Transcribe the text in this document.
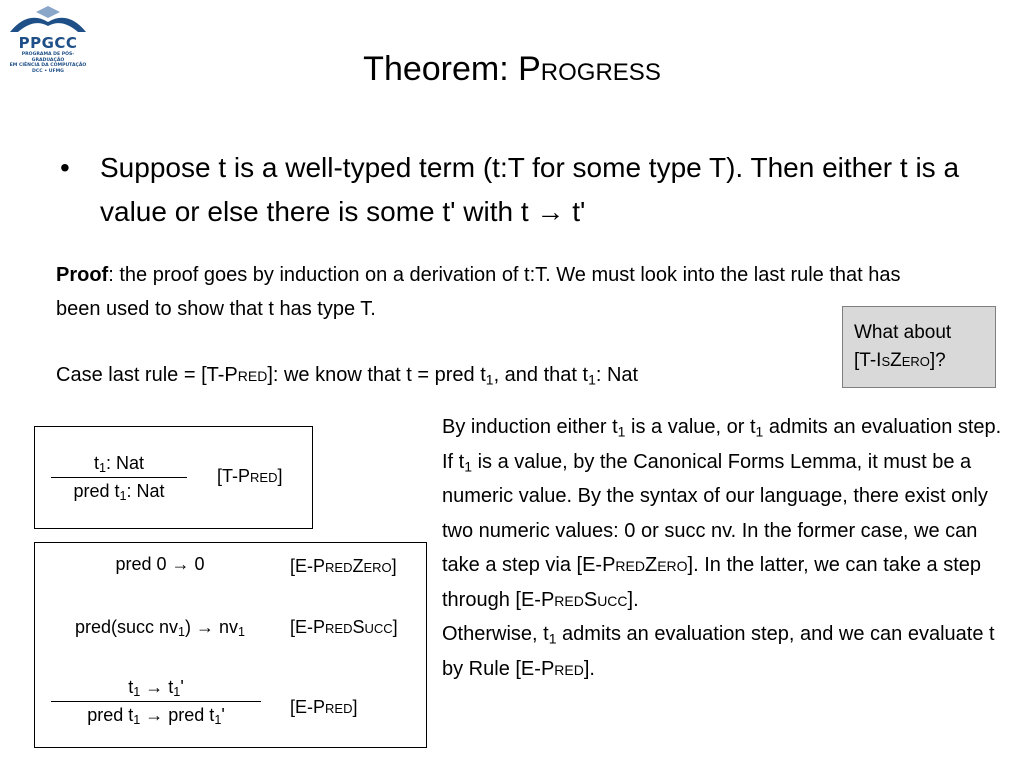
PPGCC
PROGRAMA DE PÓS-GRADUAÇÃO
EM CIÊNCIA DA COMPUTAÇÃO
DCC • UFMG	Theorem: Progress
• Suppose t is a well-typed term (t:T for some type T). Then either t is a value or else there is some t' with t → t'
Proof: the proof goes by induction on a derivation of t:T. We must look into the last rule that has been used to show that t has type T.
Case last rule = [T-Pred]: we know that t = pred $t_1$, and that $t_1$: Nat
What about
[T-IsZero]?
$t_1$: Nat
pred $t_1$: Nat
[T-Pred]
pred 0 → 0	[E-PredZero]
pred(succ $nv_1) \to nv_1$	[E-PredSucc]
$t_1 \to t_1'$
pred $t_1$ → pred $t_1'$	[E-Pred]

By induction either $t_1$ is a value, or $t_1$ admits an evaluation step.

If $t_1$ is a value, by the Canonical Forms Lemma, it must be a numeric value. By the syntax of our language, there exist only two numeric values: 0 or succ nv. In the former case, we can take a step via [E-PredZero]. In the latter, we can take a step through [E-PredSucc].

Otherwise, $t_1$ admits an evaluation step, and we can evaluate t by Rule [E-Pred].
